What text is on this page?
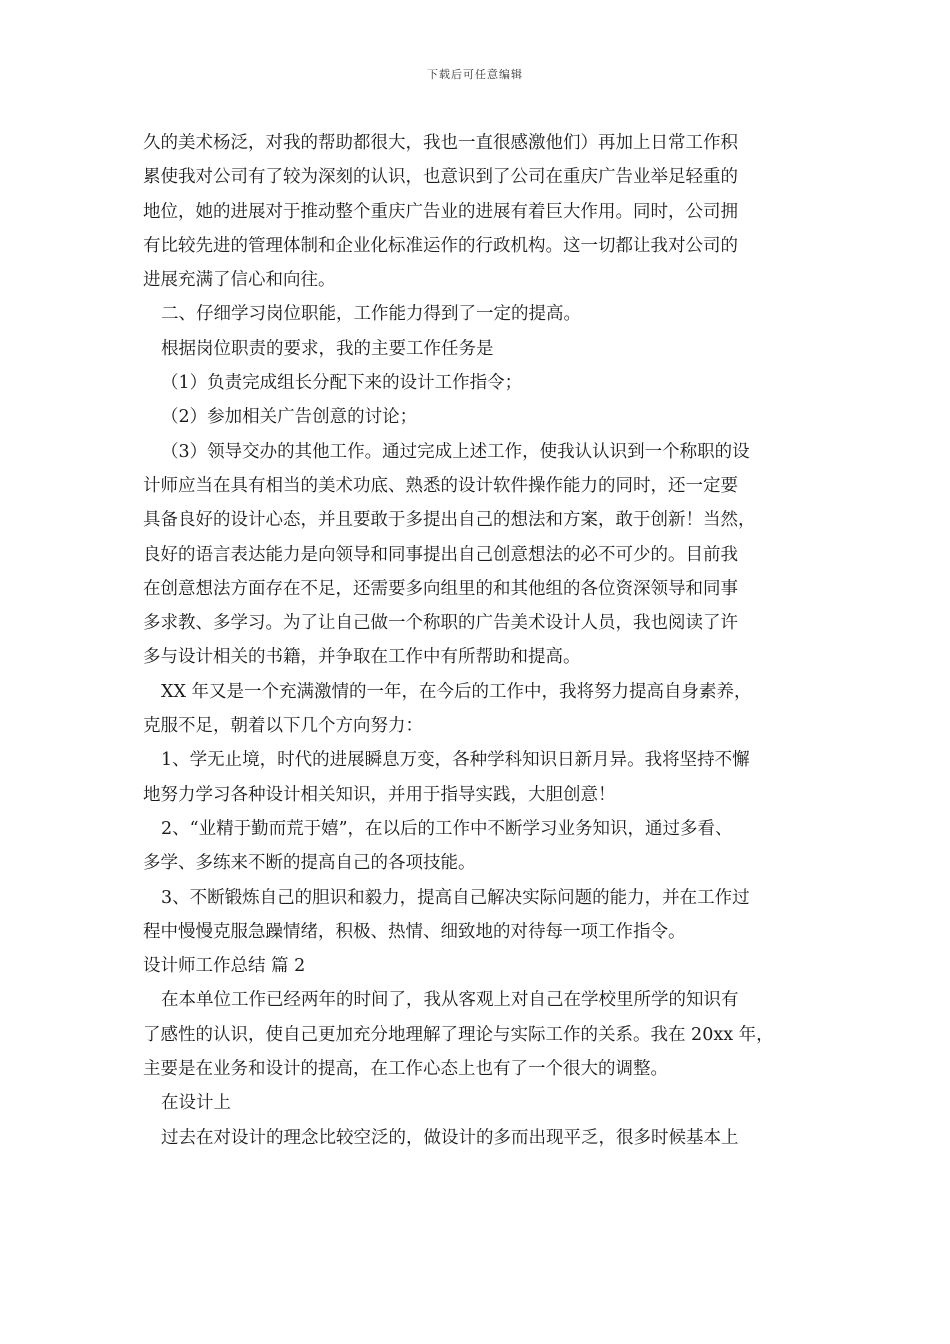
下载后可任意编辑
久的美术杨泛，对我的帮助都很大，我也一直很感激他们）再加上日常工作积
累使我对公司有了较为深刻的认识，也意识到了公司在重庆广告业举足轻重的
地位，她的进展对于推动整个重庆广告业的进展有着巨大作用。同时，公司拥
有比较先进的管理体制和企业化标准运作的行政机构。这一切都让我对公司的
进展充满了信心和向往。
二、仔细学习岗位职能，工作能力得到了一定的提高。
根据岗位职责的要求，我的主要工作任务是
（1）负责完成组长分配下来的设计工作指令；
（2）参加相关广告创意的讨论；
（3）领导交办的其他工作。通过完成上述工作，使我认认识到一个称职的设
计师应当在具有相当的美术功底、熟悉的设计软件操作能力的同时，还一定要
具备良好的设计心态，并且要敢于多提出自己的想法和方案，敢于创新！当然，
良好的语言表达能力是向领导和同事提出自己创意想法的必不可少的。目前我
在创意想法方面存在不足，还需要多向组里的和其他组的各位资深领导和同事
多求教、多学习。为了让自己做一个称职的广告美术设计人员，我也阅读了许
多与设计相关的书籍，并争取在工作中有所帮助和提高。
XX 年又是一个充满激情的一年，在今后的工作中，我将努力提高自身素养，
克服不足，朝着以下几个方向努力：
1、学无止境，时代的进展瞬息万变，各种学科知识日新月异。我将坚持不懈
地努力学习各种设计相关知识，并用于指导实践，大胆创意！
2、“业精于勤而荒于嬉”，在以后的工作中不断学习业务知识，通过多看、
多学、多练来不断的提高自己的各项技能。
3、不断锻炼自己的胆识和毅力，提高自己解决实际问题的能力，并在工作过
程中慢慢克服急躁情绪，积极、热情、细致地的对待每一项工作指令。
设计师工作总结 篇 2
在本单位工作已经两年的时间了，我从客观上对自己在学校里所学的知识有
了感性的认识，使自己更加充分地理解了理论与实际工作的关系。我在 20xx 年，
主要是在业务和设计的提高，在工作心态上也有了一个很大的调整。
在设计上
过去在对设计的理念比较空泛的，做设计的多而出现平乏，很多时候基本上
